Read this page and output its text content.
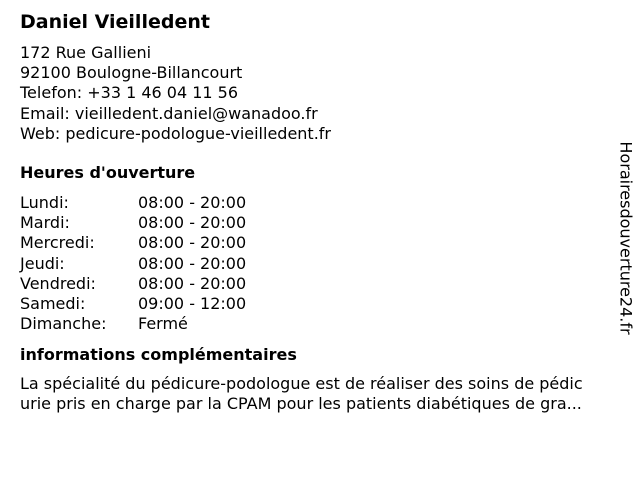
Daniel Vieilledent
172 Rue Gallieni
92100 Boulogne-Billancourt
Telefon: +33 1 46 04 11 56
Email: vieilledent.daniel@wanadoo.fr
Web: pedicure-podologue-vieilledent.fr
Heures d'ouverture
Lundi:	08:00 - 20:00
Mardi:	08:00 - 20:00
Mercredi:	08:00 - 20:00
Jeudi:	08:00 - 20:00
Vendredi:	08:00 - 20:00
Samedi:	09:00 - 12:00
Dimanche:	Fermé
informations complémentaires
La spécialité du pédicure-podologue est de réaliser des soins de pédic
urie pris en charge par la CPAM pour les patients diabétiques de gra...
Horairesdouverture24.fr
